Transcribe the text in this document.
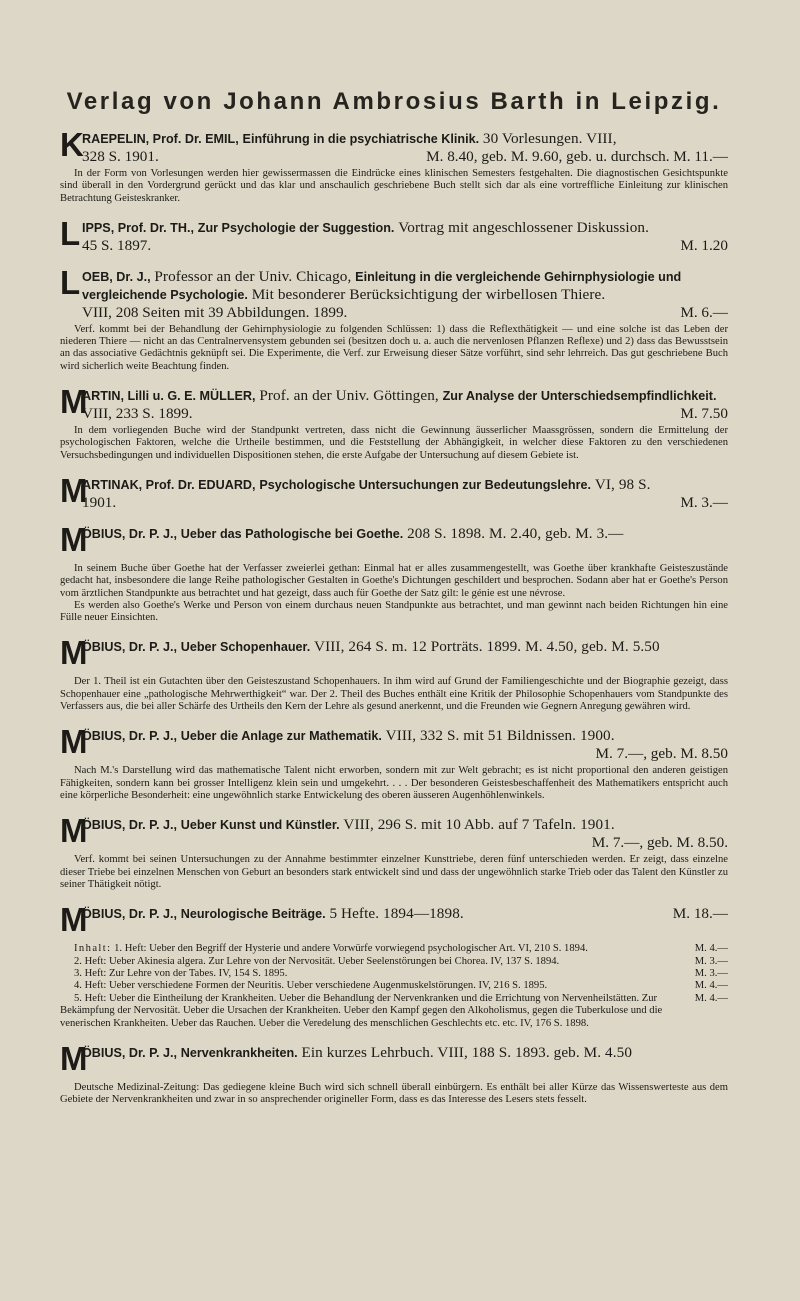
Verlag von Johann Ambrosius Barth in Leipzig.
K
RAEPELIN, Prof. Dr. EMIL, Einführung in die psychiatrische Klinik. 30 Vorlesungen. VIII,
328 S. 1901.	M. 8.40, geb. M. 9.60, geb. u. durchsch. M. 11.—

In der Form von Vorlesungen werden hier gewissermassen die Eindrücke eines klinischen Semesters festgehalten. Die diagnostischen Gesichtspunkte sind überall in den Vordergrund gerückt und das klar und anschaulich geschriebene Buch stellt sich dar als eine vortreffliche Einleitung zur klinischen Betrachtung Geisteskranker.

L IPPS, Prof. Dr. TH., Zur Psychologie der Suggestion. Vortrag mit angeschlossener Diskussion.
45 S. 1897.	M. 1.20
L OEB, Dr. J., Professor an der Univ. Chicago, Einleitung in die vergleichende Gehirnphysiologie und vergleichende Psychologie. Mit besonderer Berücksichtigung der wirbellosen Thiere.
VIII, 208 Seiten mit 39 Abbildungen. 1899.	M. 6.—

Verf. kommt bei der Behandlung der Gehirnphysiologie zu folgenden Schlüssen: 1) dass die Reflexthätigkeit — und eine solche ist das Leben der niederen Thiere — nicht an das Centralnervensystem gebunden sei (besitzen doch u. a. auch die nervenlosen Pflanzen Reflexe) und 2) dass das Bewusstsein an das associative Gedächtnis geknüpft sei. Die Experimente, die Verf. zur Erweisung dieser Sätze vorführt, sind sehr lehrreich. Das gut geschriebene Buch wird sicherlich weite Beachtung finden.

M
ARTIN, Lilli u. G. E. MÜLLER, Prof. an der Univ. Göttingen, Zur Analyse der Unterschiedsempfindlichkeit.
VIII, 233 S. 1899.	M. 7.50

In dem vorliegenden Buche wird der Standpunkt vertreten, dass nicht die Gewinnung äusserlicher Maassgrössen, sondern die Ermittelung der psychologischen Faktoren, welche die Urtheile bestimmen, und die Feststellung der Abhängigkeit, in welcher diese Faktoren zu den verschiedenen Versuchsbedingungen und individuellen Dispositionen stehen, die erste Aufgabe der Untersuchung auf diesem Gebiete ist.

M
ARTINAK, Prof. Dr. EDUARD, Psychologische Untersuchungen zur Bedeutungslehre. VI, 98 S.
1901.	M. 3.—
M
ÖBIUS, Dr. P. J., Ueber das Pathologische bei Goethe. 208 S. 1898. M. 2.40, geb. M. 3.—

In seinem Buche über Goethe hat der Verfasser zweierlei gethan: Einmal hat er alles zusammengestellt, was Goethe über krankhafte Geisteszustände gedacht hat, insbesondere die lange Reihe pathologischer Gestalten in Goethe's Dichtungen geschildert und besprochen. Sodann aber hat er Goethe's Person vom ärztlichen Standpunkte aus betrachtet und hat gezeigt, dass auch für Goethe der Satz gilt: le génie est une névrose.

Es werden also Goethe's Werke und Person von einem durchaus neuen Standpunkte aus betrachtet, und man gewinnt nach beiden Richtungen hin eine Fülle neuer Einsichten.

M
ÖBIUS, Dr. P. J., Ueber Schopenhauer. VIII, 264 S. m. 12 Porträts. 1899. M. 4.50, geb. M. 5.50

Der 1. Theil ist ein Gutachten über den Geisteszustand Schopenhauers. In ihm wird auf Grund der Familiengeschichte und der Biographie gezeigt, dass Schopenhauer eine „pathologische Mehrwerthigkeit“ war. Der 2. Theil des Buches enthält eine Kritik der Philosophie Schopenhauers vom Standpunkte des Verfassers aus, die bei aller Schärfe des Urtheils den Kern der Lehre als gesund anerkennt, und die Freunden wie Gegnern Anregung gewähren wird.

M
ÖBIUS, Dr. P. J., Ueber die Anlage zur Mathematik. VIII, 332 S. mit 51 Bildnissen. 1900.
M. 7.—, geb. M. 8.50

Nach M.'s Darstellung wird das mathematische Talent nicht erworben, sondern mit zur Welt gebracht; es ist nicht proportional den anderen geistigen Fähigkeiten, sondern kann bei grosser Intelligenz klein sein und umgekehrt. . . . Der besonderen Geistesbeschaffenheit des Mathematikers entspricht auch eine körperliche Besonderheit: eine ungewöhnlich starke Entwickelung des oberen äusseren Augenhöhlenwinkels.

M
ÖBIUS, Dr. P. J., Ueber Kunst und Künstler. VIII, 296 S. mit 10 Abb. auf 7 Tafeln. 1901.
M. 7.—, geb. M. 8.50.

Verf. kommt bei seinen Untersuchungen zu der Annahme bestimmter einzelner Kunsttriebe, deren fünf unterschieden werden. Er zeigt, dass einzelne dieser Triebe bei einzelnen Menschen von Geburt an besonders stark entwickelt sind und dass der ungewöhnlich starke Trieb oder das Talent den Künstler zu seiner Thätigkeit nötigt.

M
ÖBIUS, Dr. P. J., Neurologische Beiträge. 5 Hefte. 1894—1898.	M. 18.—
Inhalt: 1. Heft: Ueber den Begriff der Hysterie und andere Vorwürfe vorwiegend psychologischer Art. VI, 210 S. 1894.	M. 4.—
2. Heft: Ueber Akinesia algera. Zur Lehre von der Nervosität. Ueber Seelenstörungen bei Chorea. IV, 137 S. 1894.	M. 3.—
3. Heft: Zur Lehre von der Tabes. IV, 154 S. 1895.	M. 3.—
4. Heft: Ueber verschiedene Formen der Neuritis. Ueber verschiedene Augenmuskelstörungen. IV, 216 S. 1895.	M. 4.—
5. Heft: Ueber die Eintheilung der Krankheiten. Ueber die Behandlung der Nervenkranken und die Errichtung von Nervenheilstätten. Zur Bekämpfung der Nervosität. Ueber die Ursachen der Krankheiten. Ueber den Kampf gegen den Alkoholismus, gegen die Tuberkulose und die venerischen Krankheiten. Ueber das Rauchen. Ueber die Veredelung des menschlichen Geschlechts etc. etc. IV, 176 S. 1898.
M. 4.—
M
ÖBIUS, Dr. P. J., Nervenkrankheiten. Ein kurzes Lehrbuch. VIII, 188 S. 1893. geb. M. 4.50

Deutsche Medizinal-Zeitung: Das gediegene kleine Buch wird sich schnell überall einbürgern. Es enthält bei aller Kürze das Wissenswerteste aus dem Gebiete der Nervenkrankheiten und zwar in so ansprechender origineller Form, dass es das Interesse des Lesers stets fesselt.
